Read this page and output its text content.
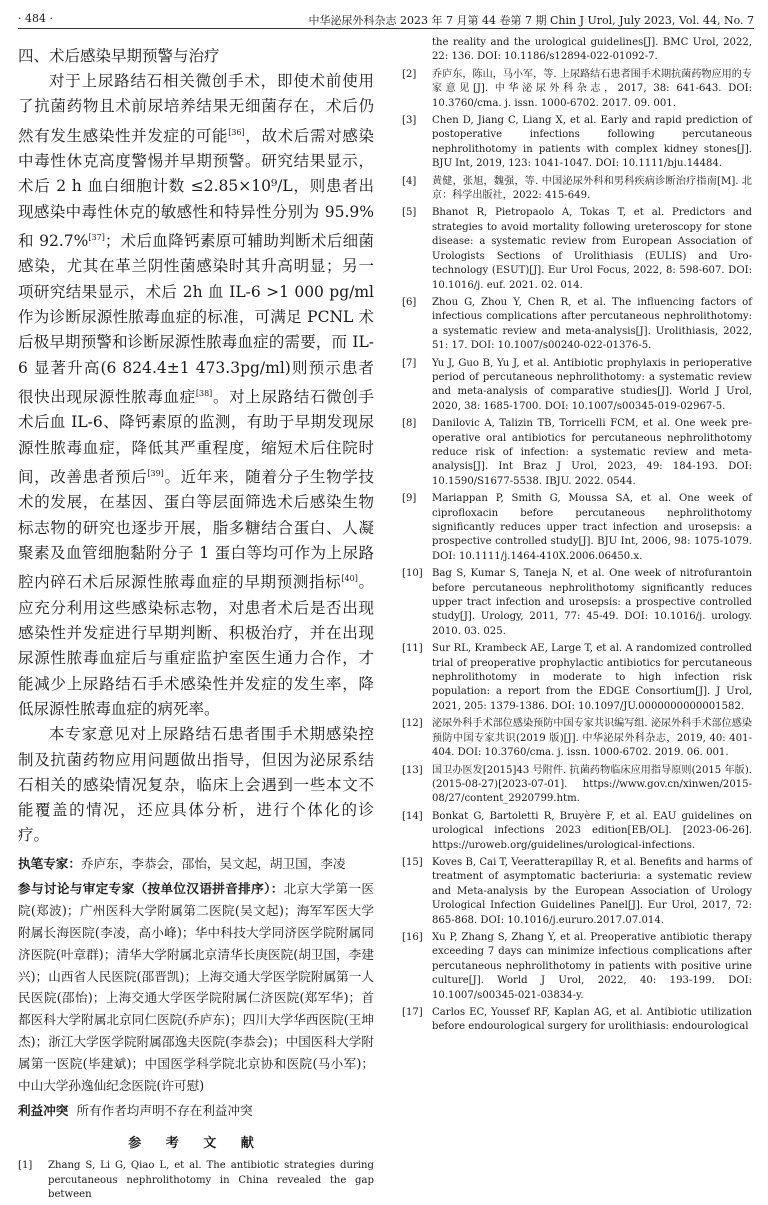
· 484 ·	中华泌尿外科杂志 2023 年 7 月第 44 卷第 7 期 Chin J Urol, July 2023, Vol. 44, No. 7
四、术后感染早期预警与治疗

对于上尿路结石相关微创手术，即使术前使用了抗菌药物且术前尿培养结果无细菌存在，术后仍然有发生感染性并发症的可能[36]，故术后需对感染中毒性休克高度警惕并早期预警。研究结果显示，术后 2 h 血白细胞计数 ≤2.85×10⁹/L，则患者出现感染中毒性休克的敏感性和特异性分别为 95.9% 和 92.7%[37]；术后血降钙素原可辅助判断术后细菌感染，尤其在革兰阴性菌感染时其升高明显；另一项研究结果显示，术后 2h 血 IL-6 >1 000 pg/ml 作为诊断尿源性脓毒血症的标准，可满足 PCNL 术后极早期预警和诊断尿源性脓毒血症的需要，而 IL-6 显著升高(6 824.4±1 473.3pg/ml)则预示患者很快出现尿源性脓毒血症[38]。对上尿路结石微创手术后血 IL-6、降钙素原的监测，有助于早期发现尿源性脓毒血症，降低其严重程度，缩短术后住院时间，改善患者预后[39]。近年来，随着分子生物学技术的发展，在基因、蛋白等层面筛选术后感染生物标志物的研究也逐步开展，脂多糖结合蛋白、人凝聚素及血管细胞黏附分子 1 蛋白等均可作为上尿路腔内碎石术后尿源性脓毒血症的早期预测指标[40]。应充分利用这些感染标志物，对患者术后是否出现感染性并发症进行早期判断、积极治疗，并在出现尿源性脓毒血症后与重症监护室医生通力合作，才能减少上尿路结石手术感染性并发症的发生率，降低尿源性脓毒血症的病死率。

本专家意见对上尿路结石患者围手术期感染控制及抗菌药物应用问题做出指导，但因为泌尿系结石相关的感染情况复杂，临床上会遇到一些本文不能覆盖的情况，还应具体分析，进行个体化的诊疗。

执笔专家：乔庐东，李恭会，邵怡，吴文起，胡卫国，李凌

参与讨论与审定专家（按单位汉语拼音排序）：北京大学第一医院(郑波)；广州医科大学附属第二医院(吴文起)；海军军医大学附属长海医院(李凌，高小峰)；华中科技大学同济医学院附属同济医院(叶章群)；清华大学附属北京清华长庚医院(胡卫国，李建兴)；山西省人民医院(邵晋凯)；上海交通大学医学院附属第一人民医院(邵怡)；上海交通大学医学院附属仁济医院(郑军华)；首都医科大学附属北京同仁医院(乔庐东)；四川大学华西医院(王坤杰)；浙江大学医学院附属邵逸夫医院(李恭会)；中国医科大学附属第一医院(毕建斌)；中国医学科学院北京协和医院(马小军)；中山大学孙逸仙纪念医院(许可慰)

利益冲突 所有作者均声明不存在利益冲突

参 考 文 献
[1] Zhang S, Li G, Qiao L, et al. The antibiotic strategies during percutaneous nephrolithotomy in China revealed the gap between
the reality and the urological guidelines[J]. BMC Urol, 2022, 22: 136. DOI: 10.1186/s12894-022-01092-7.
[2] 乔庐东，陈山，马小军，等. 上尿路结石患者围手术期抗菌药物应用的专家意见[J]. 中华泌尿外科杂志，2017, 38: 641-643. DOI: 10.3760/cma. j. issn. 1000-6702. 2017. 09. 001.
[3] Chen D, Jiang C, Liang X, et al. Early and rapid prediction of postoperative infections following percutaneous nephrolithotomy in patients with complex kidney stones[J]. BJU Int, 2019, 123: 1041-1047. DOI: 10.1111/bju.14484.
[4] 黄健，张旭，魏强，等. 中国泌尿外科和男科疾病诊断治疗指南[M]. 北京：科学出版社，2022: 415-649.
[5] Bhanot R, Pietropaolo A, Tokas T, et al. Predictors and strategies to avoid mortality following ureteroscopy for stone disease: a systematic review from European Association of Urologists Sections of Urolithiasis (EULIS) and Uro-technology (ESUT)[J]. Eur Urol Focus, 2022, 8: 598-607. DOI: 10.1016/j. euf. 2021. 02. 014.
[6] Zhou G, Zhou Y, Chen R, et al. The influencing factors of infectious complications after percutaneous nephrolithotomy: a systematic review and meta-analysis[J]. Urolithiasis, 2022, 51: 17. DOI: 10.1007/s00240-022-01376-5.
[7] Yu J, Guo B, Yu J, et al. Antibiotic prophylaxis in perioperative period of percutaneous nephrolithotomy: a systematic review and meta-analysis of comparative studies[J]. World J Urol, 2020, 38: 1685-1700. DOI: 10.1007/s00345-019-02967-5.
[8] Danilovic A, Talizin TB, Torricelli FCM, et al. One week pre-operative oral antibiotics for percutaneous nephrolithotomy reduce risk of infection: a systematic review and meta-analysis[J]. Int Braz J Urol, 2023, 49: 184-193. DOI: 10.1590/S1677-5538. IBJU. 2022. 0544.
[9] Mariappan P, Smith G, Moussa SA, et al. One week of ciprofloxacin before percutaneous nephrolithotomy significantly reduces upper tract infection and urosepsis: a prospective controlled study[J]. BJU Int, 2006, 98: 1075-1079. DOI: 10.1111/j.1464-410X.2006.06450.x.
[10] Bag S, Kumar S, Taneja N, et al. One week of nitrofurantoin before percutaneous nephrolithotomy significantly reduces upper tract infection and urosepsis: a prospective controlled study[J]. Urology, 2011, 77: 45-49. DOI: 10.1016/j. urology. 2010. 03. 025.
[11] Sur RL, Krambeck AE, Large T, et al. A randomized controlled trial of preoperative prophylactic antibiotics for percutaneous nephrolithotomy in moderate to high infection risk population: a report from the EDGE Consortium[J]. J Urol, 2021, 205: 1379-1386. DOI: 10.1097/JU.0000000000001582.
[12] 泌尿外科手术部位感染预防中国专家共识编写组. 泌尿外科手术部位感染预防中国专家共识(2019 版)[J]. 中华泌尿外科杂志，2019, 40: 401-404. DOI: 10.3760/cma. j. issn. 1000-6702. 2019. 06. 001.
[13] 国卫办医发[2015]43 号附件. 抗菌药物临床应用指导原则(2015 年版). (2015-08-27)[2023-07-01]. https://www.gov.cn/xinwen/2015-08/27/content_2920799.htm.
[14] Bonkat G, Bartoletti R, Bruyère F, et al. EAU guidelines on urological infections 2023 edition[EB/OL]. [2023-06-26]. https://uroweb.org/guidelines/urological-infections.
[15] Koves B, Cai T, Veeratterapillay R, et al. Benefits and harms of treatment of asymptomatic bacteriuria: a systematic review and Meta-analysis by the European Association of Urology Urological Infection Guidelines Panel[J]. Eur Urol, 2017, 72: 865-868. DOI: 10.1016/j.eururo.2017.07.014.
[16] Xu P, Zhang S, Zhang Y, et al. Preoperative antibiotic therapy exceeding 7 days can minimize infectious complications after percutaneous nephrolithotomy in patients with positive urine culture[J]. World J Urol, 2022, 40: 193-199. DOI: 10.1007/s00345-021-03834-y.
[17] Carlos EC, Youssef RF, Kaplan AG, et al. Antibiotic utilization before endourological surgery for urolithiasis: endourological
